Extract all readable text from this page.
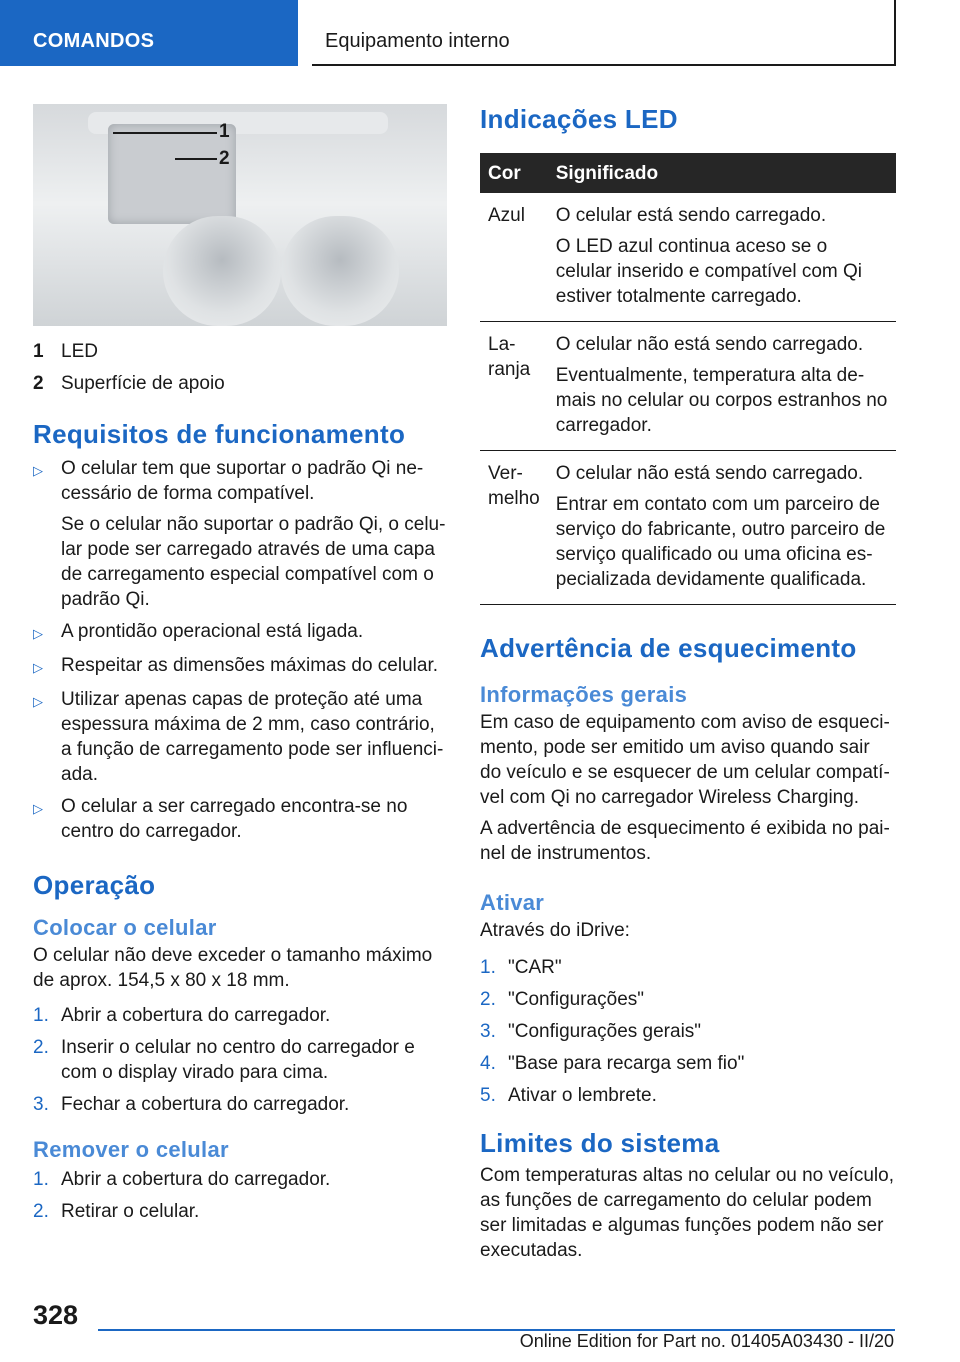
COMANDOS	Equipamento interno
1
2
1 LED
2 Superfície de apoio
Requisitos de funcionamento
▷ O celular tem que suportar o padrão Qi ne-cessário de forma compatível.

Se o celular não suportar o padrão Qi, o celu-lar pode ser carregado através de uma capa de carregamento especial compatível com o padrão Qi.

▷ A prontidão operacional está ligada.

▷ Respeitar as dimensões máximas do celular.

▷ Utilizar apenas capas de proteção até uma espessura máxima de 2 mm, caso contrário, a função de carregamento pode ser influenci-ada.

▷ O celular a ser carregado encontra-se no centro do carregador.

Operação
Colocar o celular

O celular não deve exceder o tamanho máximo de aprox. 154,5 x 80 x 18 mm.

1. Abrir a cobertura do carregador.
2. Inserir o celular no centro do carregador e com o display virado para cima.
3. Fechar a cobertura do carregador.
Remover o celular
1. Abrir a cobertura do carregador.
2. Retirar o celular.
Indicações LED
Cor	Significado
Azul	O celular está sendo carregado.

O LED azul continua aceso se o celular inserido e compatível com Qi estiver totalmente carregado.

La-ranja	O celular não está sendo carregado.

Eventualmente, temperatura alta de-mais no celular ou corpos estranhos no carregador.

Ver-melho	O celular não está sendo carregado.

Entrar em contato com um parceiro de serviço do fabricante, outro parceiro de serviço qualificado ou uma oficina es-pecializada devidamente qualificada.

Advertência de esquecimento
Informações gerais

Em caso de equipamento com aviso de esqueci-mento, pode ser emitido um aviso quando sair do veículo e se esquecer de um celular compatí-vel com Qi no carregador Wireless Charging.

A advertência de esquecimento é exibida no pai-nel de instrumentos.

Ativar

Através do iDrive:

1. "CAR"
2. "Configurações"
3. "Configurações gerais"
4. "Base para recarga sem fio"
5. Ativar o lembrete.
Limites do sistema

Com temperaturas altas no celular ou no veículo, as funções de carregamento do celular podem ser limitadas e algumas funções podem não ser executadas.

328
Online Edition for Part no. 01405A03430 - II/20
